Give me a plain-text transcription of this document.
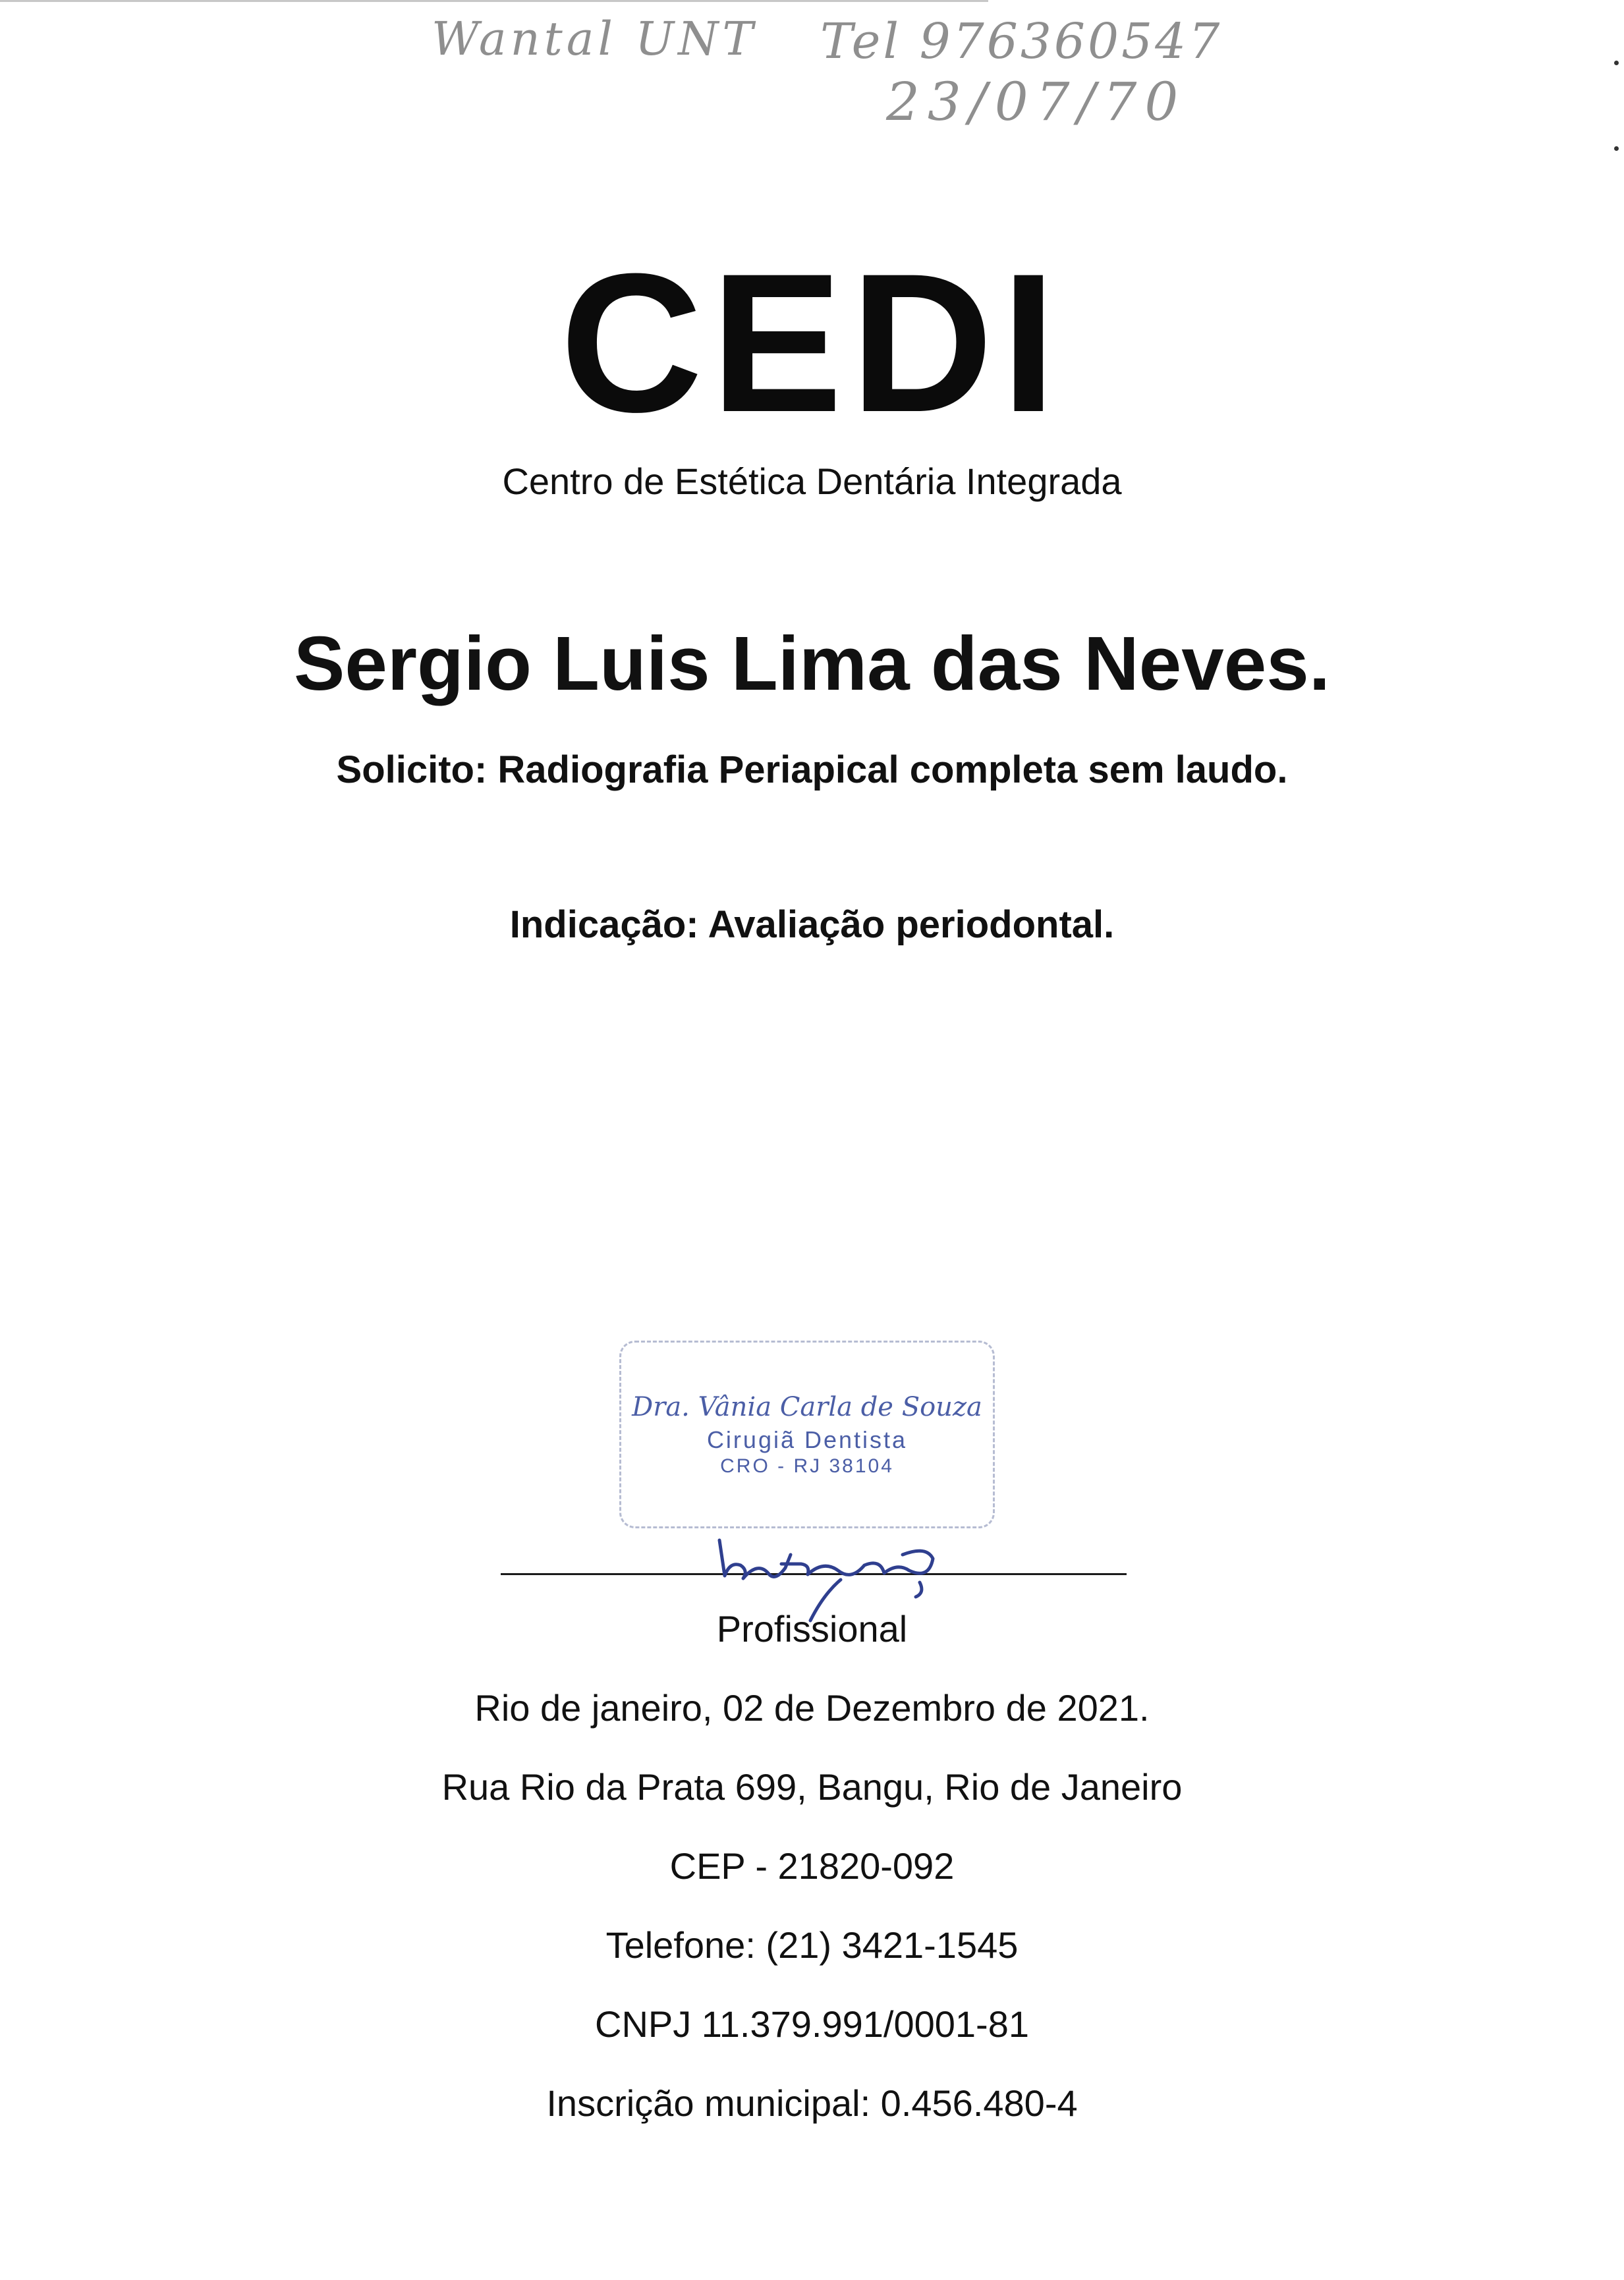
Wantal UNT Tel 976360547
23/07/70
CEDI
Centro de Estética Dentária Integrada
Sergio Luis Lima das Neves.
Solicito: Radiografia Periapical completa sem laudo.
Indicação: Avaliação periodontal.
Dra. Vânia Carla de Souza
Cirugiã Dentista
CRO - RJ 38104
Profissional
Rio de janeiro, 02 de Dezembro de 2021.
Rua Rio da Prata 699, Bangu, Rio de Janeiro
CEP - 21820-092
Telefone: (21) 3421-1545
CNPJ 11.379.991/0001-81
Inscrição municipal: 0.456.480-4
